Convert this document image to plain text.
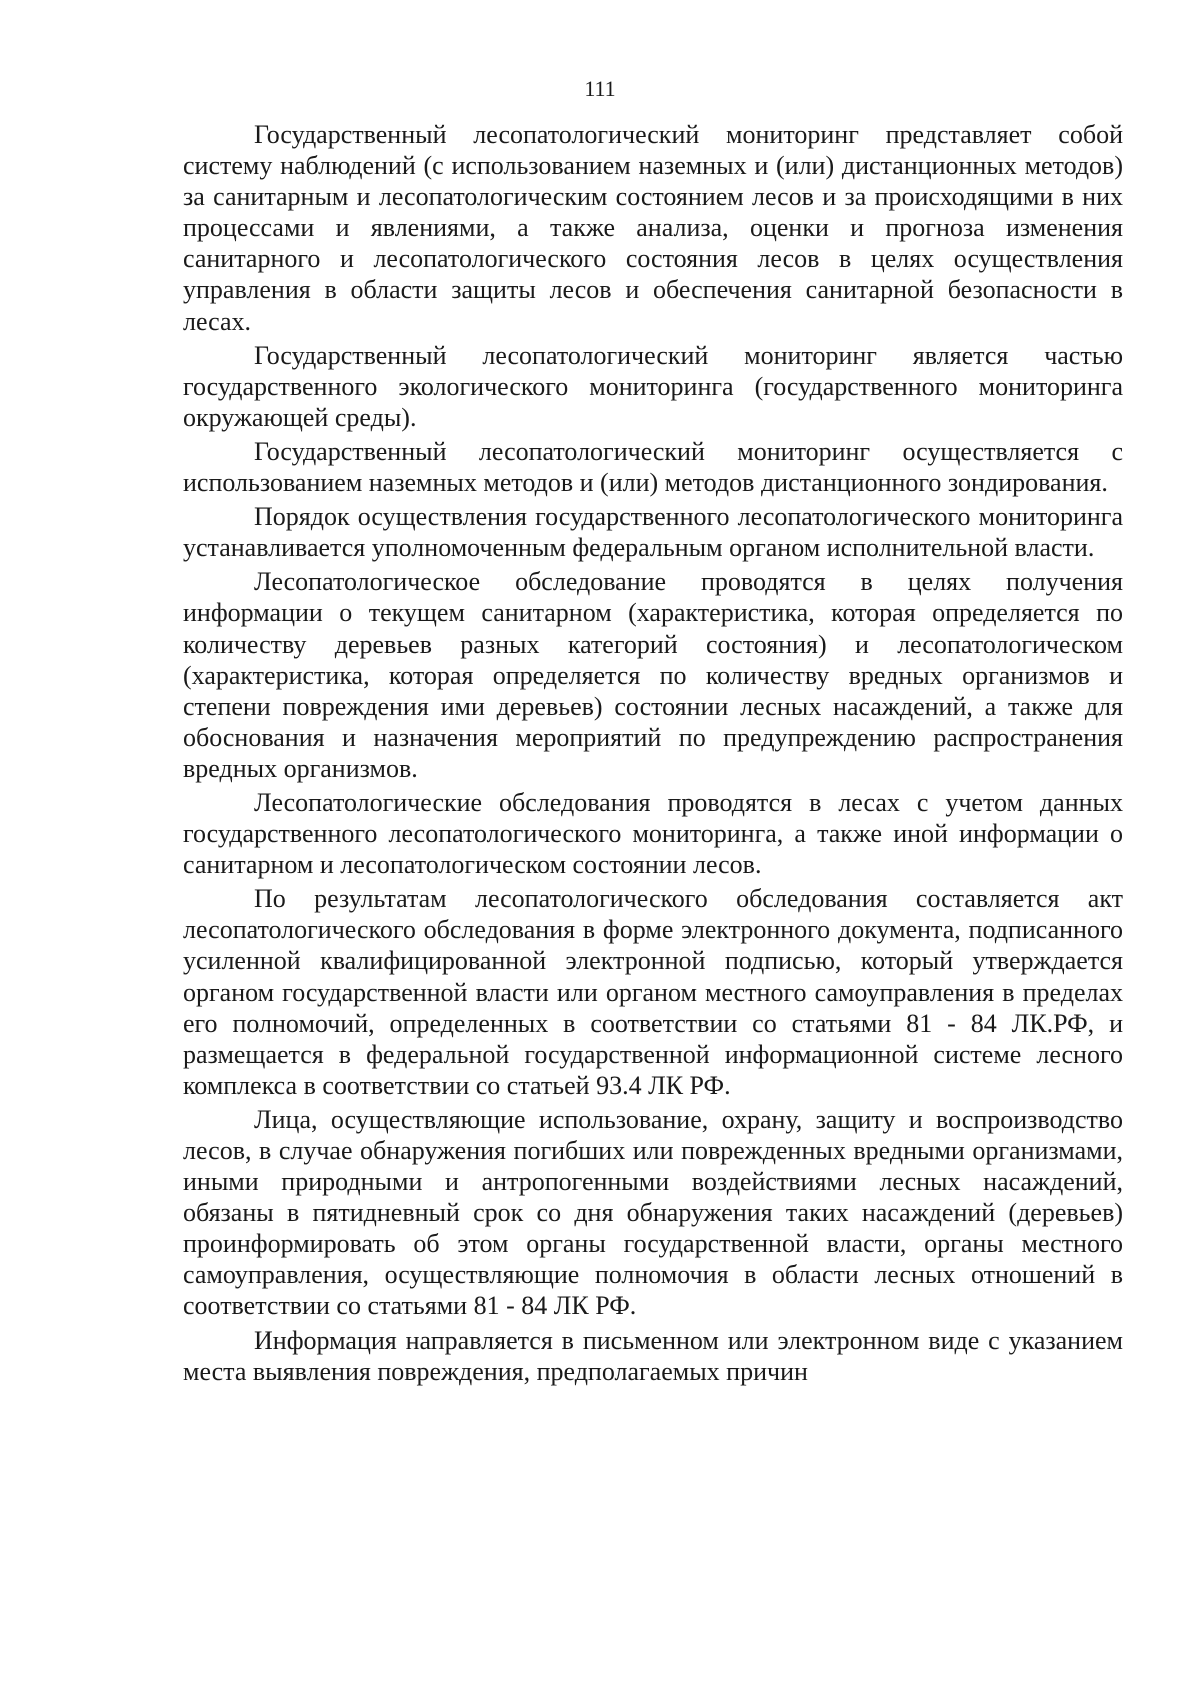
111

Государственный лесопатологический мониторинг представляет собой систему наблюдений (с использованием наземных и (или) дистанционных методов) за санитарным и лесопатологическим состоянием лесов и за происходящими в них процессами и явлениями, а также анализа, оценки и прогноза изменения санитарного и лесопатологического состояния лесов в целях осуществления управления в области защиты лесов и обеспечения санитарной безопасности в лесах.

Государственный лесопатологический мониторинг является частью государственного экологического мониторинга (государственного мониторинга окружающей среды).

Государственный лесопатологический мониторинг осуществляется с использованием наземных методов и (или) методов дистанционного зондирования.

Порядок осуществления государственного лесопатологического мониторинга устанавливается уполномоченным федеральным органом исполнительной власти.

Лесопатологическое обследование проводятся в целях получения информации о текущем санитарном (характеристика, которая определяется по количеству деревьев разных категорий состояния) и лесопатологическом (характеристика, которая определяется по количеству вредных организмов и степени повреждения ими деревьев) состоянии лесных насаждений, а также для обоснования и назначения мероприятий по предупреждению распространения вредных организмов.

Лесопатологические обследования проводятся в лесах с учетом данных государственного лесопатологического мониторинга, а также иной информации о санитарном и лесопатологическом состоянии лесов.

По результатам лесопатологического обследования составляется акт лесопатологического обследования в форме электронного документа, подписанного усиленной квалифицированной электронной подписью, который утверждается органом государственной власти или органом местного самоуправления в пределах его полномочий, определенных в соответствии со статьями 81 - 84 ЛК.РФ, и размещается в федеральной государственной информационной системе лесного комплекса в соответствии со статьей 93.4 ЛК РФ.

Лица, осуществляющие использование, охрану, защиту и воспроизводство лесов, в случае обнаружения погибших или поврежденных вредными организмами, иными природными и антропогенными воздействиями лесных насаждений, обязаны в пятидневный срок со дня обнаружения таких насаждений (деревьев) проинформировать об этом органы государственной власти, органы местного самоуправления, осуществляющие полномочия в области лесных отношений в соответствии со статьями 81 - 84 ЛК РФ.

Информация направляется в письменном или электронном виде с указанием места выявления повреждения, предполагаемых причин
